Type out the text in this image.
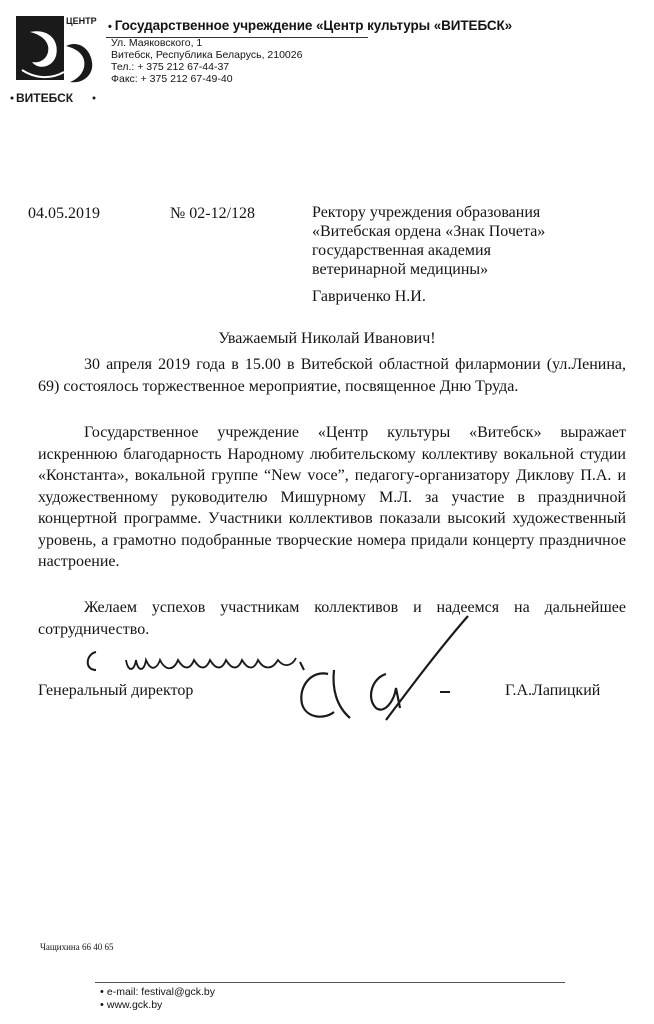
ЦЕНТР
КУЛЬТУРЫ
ВИТЕБСК
• Государственное учреждение «Центр культуры «ВИТЕБСК»
Ул. Маяковского, 1
Витебск, Республика Беларусь, 210026
Тел.: + 375 212 67-44-37
Факс: + 375 212 67-49-40
04.05.2019	№ 02-12/128	Ректору учреждения образования
«Витебская ордена «Знак Почета»
государственная академия
ветеринарной медицины»
Гавриченко Н.И.
Уважаемый Николай Иванович!
30 апреля 2019 года в 15.00 в Витебской областной филармонии (ул.Ленина, 69) состоялось торжественное мероприятие, посвященное Дню Труда.
Государственное учреждение «Центр культуры «Витебск» выражает искреннюю благодарность Народному любительскому коллективу вокальной студии «Константа», вокальной группе “New voce”, педагогу-организатору Диклову П.А. и художественному руководителю Мишурному М.Л. за участие в праздничной концертной программе. Участники коллективов показали высокий художественный уровень, а грамотно подобранные творческие номера придали концерту праздничное настроение.
Желаем успехов участникам коллективов и надеемся на дальнейшее сотрудничество.
Генеральный директор	Г.А.Лапицкий
Чащихина 66 40 65
• e-mail: festival@gck.by
• www.gck.by
